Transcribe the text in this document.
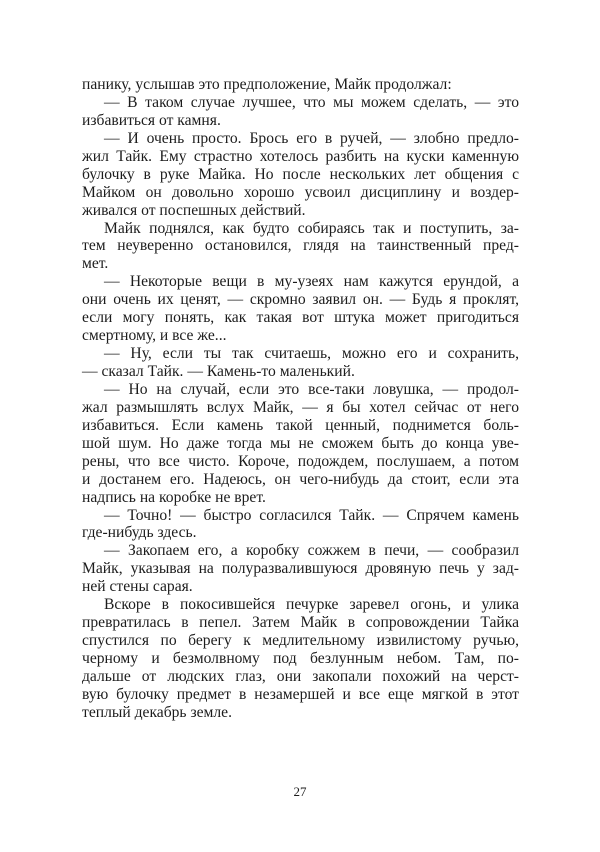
панику, услышав это предположение, Майк продолжал:
— В таком случае лучшее, что мы можем сделать, — это
избавиться от камня.
— И очень просто. Брось его в ручей, — злобно предло-
жил Тайк. Ему страстно хотелось разбить на куски каменную
булочку в руке Майка. Но после нескольких лет общения с
Майком он довольно хорошо усвоил дисциплину и воздер-
живался от поспешных действий.
Майк поднялся, как будто собираясь так и поступить, за-
тем неуверенно остановился, глядя на таинственный пред-
мет.
— Некоторые вещи в му-узеях нам кажутся ерундой, а
они очень их ценят, — скромно заявил он. — Будь я проклят,
если могу понять, как такая вот штука может пригодиться
смертному, и все же...
— Ну, если ты так считаешь, можно его и сохранить,
— сказал Тайк. — Камень-то маленький.
— Но на случай, если это все-таки ловушка, — продол-
жал размышлять вслух Майк, — я бы хотел сейчас от него
избавиться. Если камень такой ценный, поднимется боль-
шой шум. Но даже тогда мы не сможем быть до конца уве-
рены, что все чисто. Короче, подождем, послушаем, а потом
и достанем его. Надеюсь, он чего-нибудь да стоит, если эта
надпись на коробке не врет.
— Точно! — быстро согласился Тайк. — Спрячем камень
где-нибудь здесь.
— Закопаем его, а коробку сожжем в печи, — сообразил
Майк, указывая на полуразвалившуюся дровяную печь у зад-
ней стены сарая.
Вскоре в покосившейся печурке заревел огонь, и улика
превратилась в пепел. Затем Майк в сопровождении Тайка
спустился по берегу к медлительному извилистому ручью,
черному и безмолвному под безлунным небом. Там, по-
дальше от людских глаз, они закопали похожий на черст-
вую булочку предмет в незамершей и все еще мягкой в этот
теплый декабрь земле.
27
